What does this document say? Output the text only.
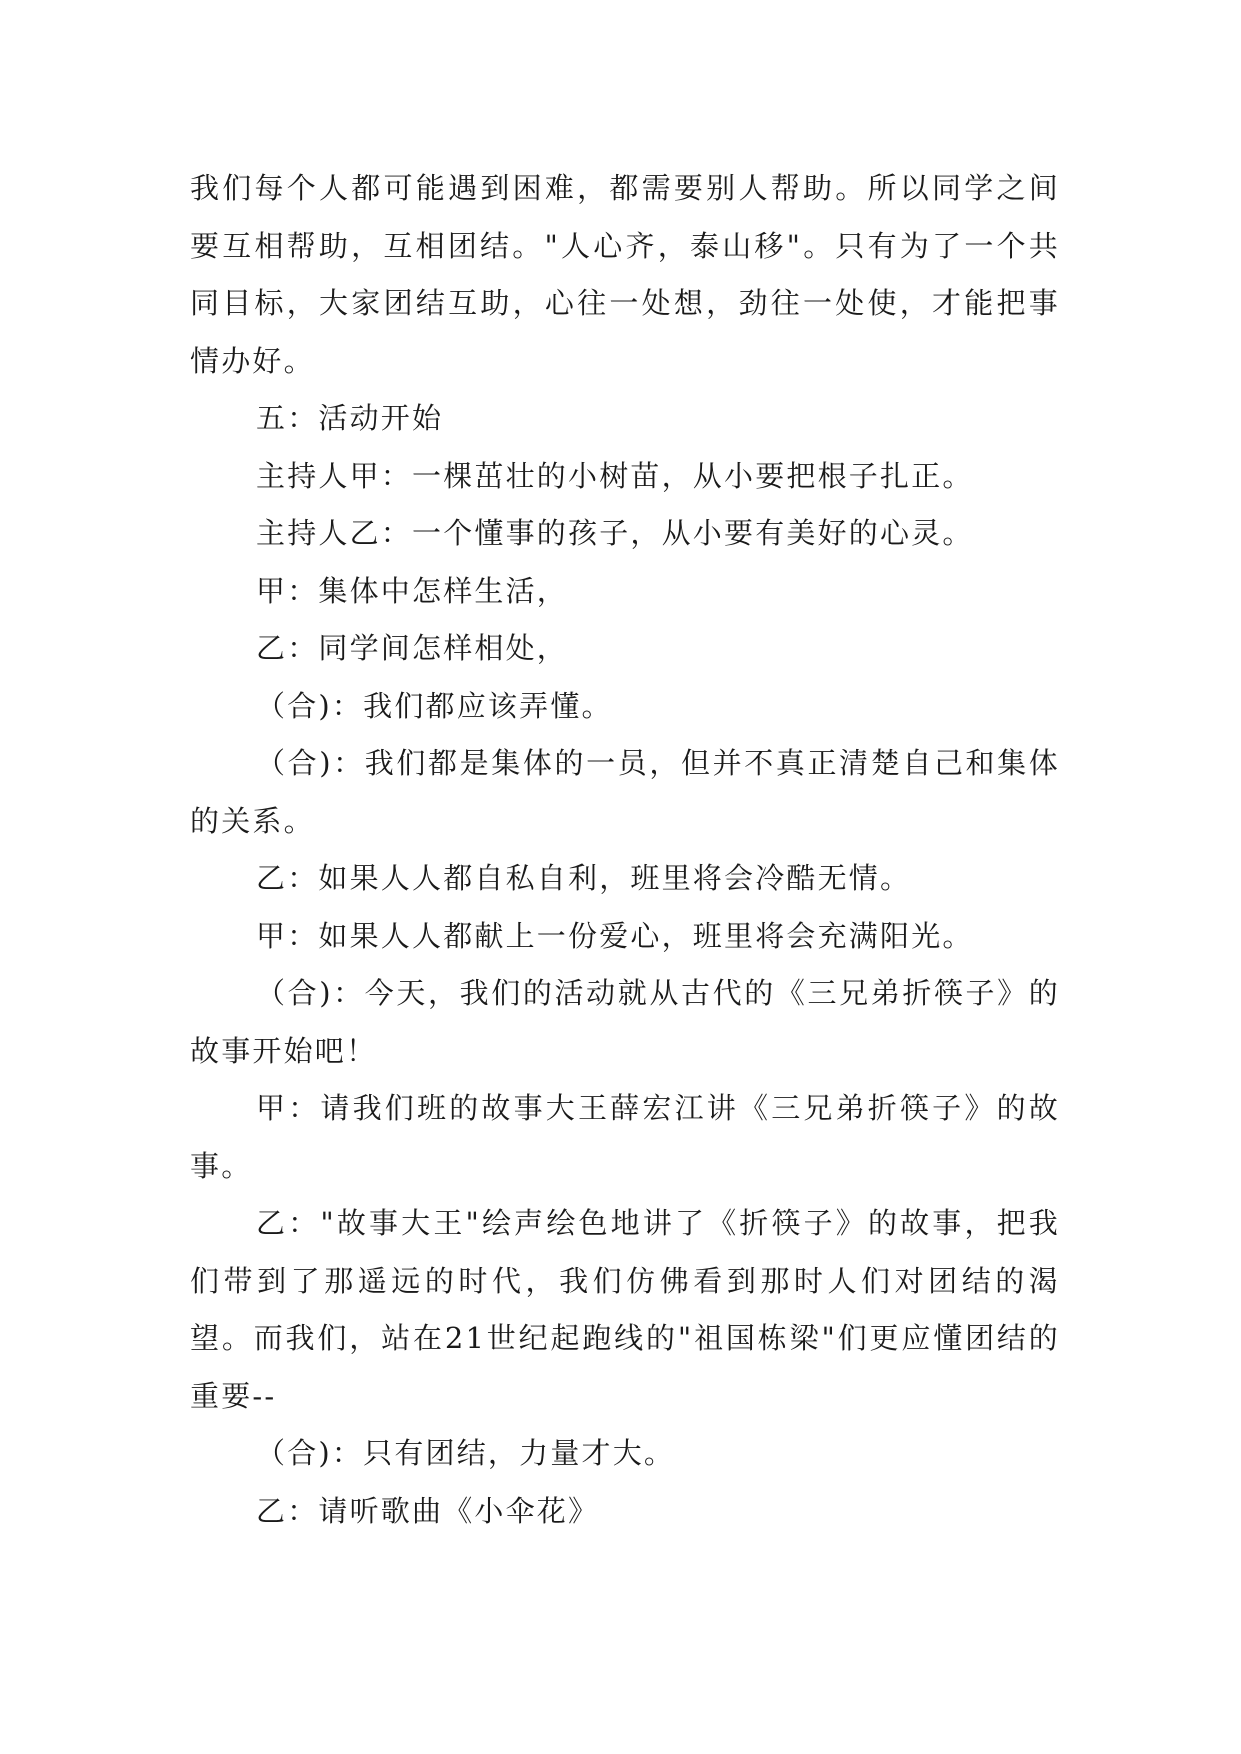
我们每个人都可能遇到困难，都需要别人帮助。所以同学之间要互相帮助，互相团结。"人心齐，泰山移"。只有为了一个共同目标，大家团结互助，心往一处想，劲往一处使，才能把事情办好。

五：活动开始

主持人甲：一棵茁壮的小树苗，从小要把根子扎正。

主持人乙：一个懂事的孩子，从小要有美好的心灵。

甲：集体中怎样生活，

乙：同学间怎样相处，

（合)：我们都应该弄懂。

（合)：我们都是集体的一员，但并不真正清楚自己和集体的关系。

乙：如果人人都自私自利，班里将会冷酷无情。

甲：如果人人都献上一份爱心，班里将会充满阳光。

（合)：今天，我们的活动就从古代的《三兄弟折筷子》的故事开始吧！

甲：请我们班的故事大王薛宏江讲《三兄弟折筷子》的故事。

乙："故事大王"绘声绘色地讲了《折筷子》的故事，把我们带到了那遥远的时代，我们仿佛看到那时人们对团结的渴望。而我们，站在21世纪起跑线的"祖国栋梁"们更应懂团结的重要--

（合)：只有团结，力量才大。

乙：请听歌曲《小伞花》
